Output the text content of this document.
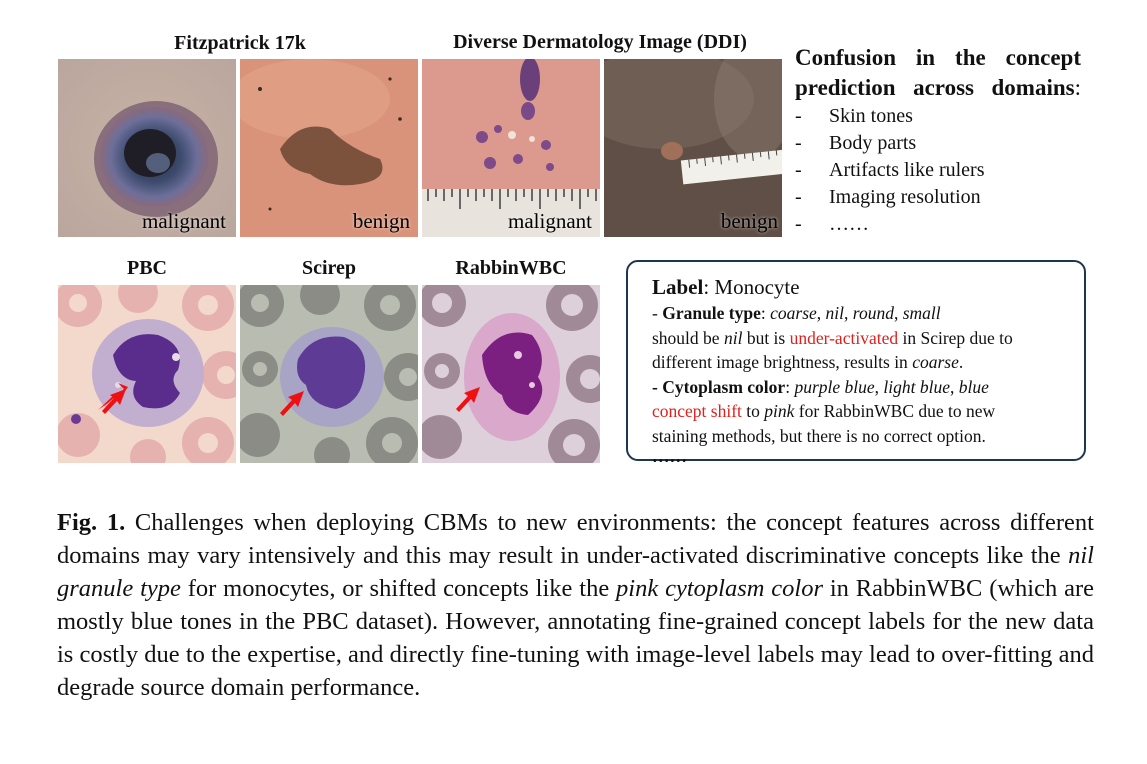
Fitzpatrick 17k	Diverse Dermatology Image (DDI)
malignant	benign	malignant	benign
Confusion in the concept prediction across domains:
- Skin tones
- Body parts
- Artifacts like rulers
- Imaging resolution
- ……
PBC	Scirep	RabbinWBC
Label: Monocyte
- Granule type: coarse, nil, round, small
should be nil but is under-activated in Scirep due to
different image brightness, results in coarse.
- Cytoplasm color: purple blue, light blue, blue
concept shift to pink for RabbinWBC due to new
staining methods, but there is no correct option.
……
Fig. 1. Challenges when deploying CBMs to new environments: the concept features across different domains may vary intensively and this may result in under-activated discriminative concepts like the nil granule type for monocytes, or shifted concepts like the pink cytoplasm color in RabbinWBC (which are mostly blue tones in the PBC dataset). However, annotating fine-grained concept labels for the new data is costly due to the expertise, and directly fine-tuning with image-level labels may lead to over-fitting and degrade source domain performance.
